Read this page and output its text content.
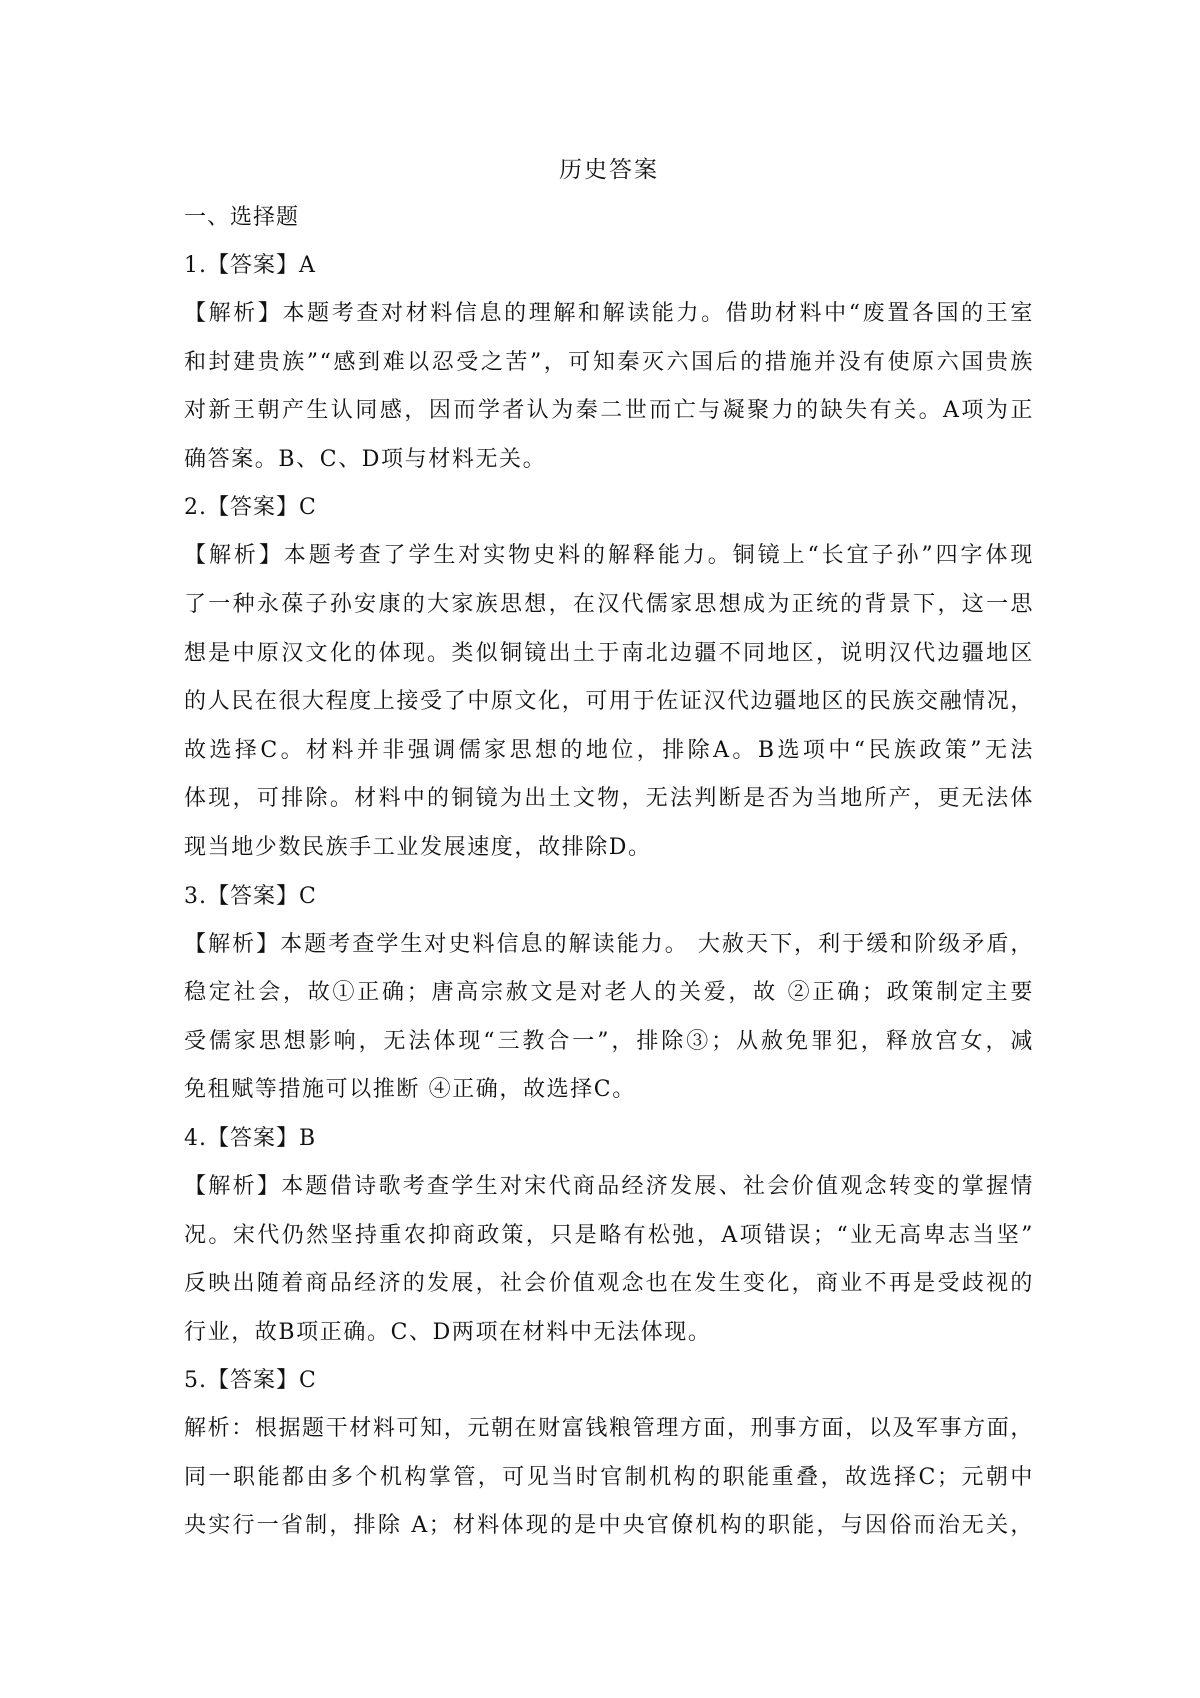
历史答案
一、选择题

1.【答案】A

【解析】本题考查对材料信息的理解和解读能力。借助材料中“废置各国的王室
和封建贵族”“感到难以忍受之苦”，可知秦灭六国后的措施并没有使原六国贵族
对新王朝产生认同感，因而学者认为秦二世而亡与凝聚力的缺失有关。A项为正
确答案。B、C、D项与材料无关。

2.【答案】C

【解析】本题考查了学生对实物史料的解释能力。铜镜上“长宜子孙”四字体现
了一种永葆子孙安康的大家族思想，在汉代儒家思想成为正统的背景下，这一思
想是中原汉文化的体现。类似铜镜出土于南北边疆不同地区，说明汉代边疆地区
的人民在很大程度上接受了中原文化，可用于佐证汉代边疆地区的民族交融情况，
故选择C。材料并非强调儒家思想的地位，排除A。B选项中“民族政策”无法
体现，可排除。材料中的铜镜为出土文物，无法判断是否为当地所产，更无法体
现当地少数民族手工业发展速度，故排除D。

3.【答案】C

【解析】本题考查学生对史料信息的解读能力。 大赦天下，利于缓和阶级矛盾，
稳定社会，故①正确；唐高宗赦文是对老人的关爱，故 ②正确；政策制定主要
受儒家思想影响，无法体现“三教合一”，排除③；从赦免罪犯，释放宫女，减
免租赋等措施可以推断 ④正确，故选择C。

4.【答案】B

【解析】本题借诗歌考查学生对宋代商品经济发展、社会价值观念转变的掌握情
况。宋代仍然坚持重农抑商政策，只是略有松弛，A项错误；“业无高卑志当坚”
反映出随着商品经济的发展，社会价值观念也在发生变化，商业不再是受歧视的
行业，故B项正确。C、D两项在材料中无法体现。

5.【答案】C

解析：根据题干材料可知，元朝在财富钱粮管理方面，刑事方面，以及军事方面，
同一职能都由多个机构掌管，可见当时官制机构的职能重叠，故选择C；元朝中
央实行一省制，排除 A；材料体现的是中央官僚机构的职能，与因俗而治无关，
